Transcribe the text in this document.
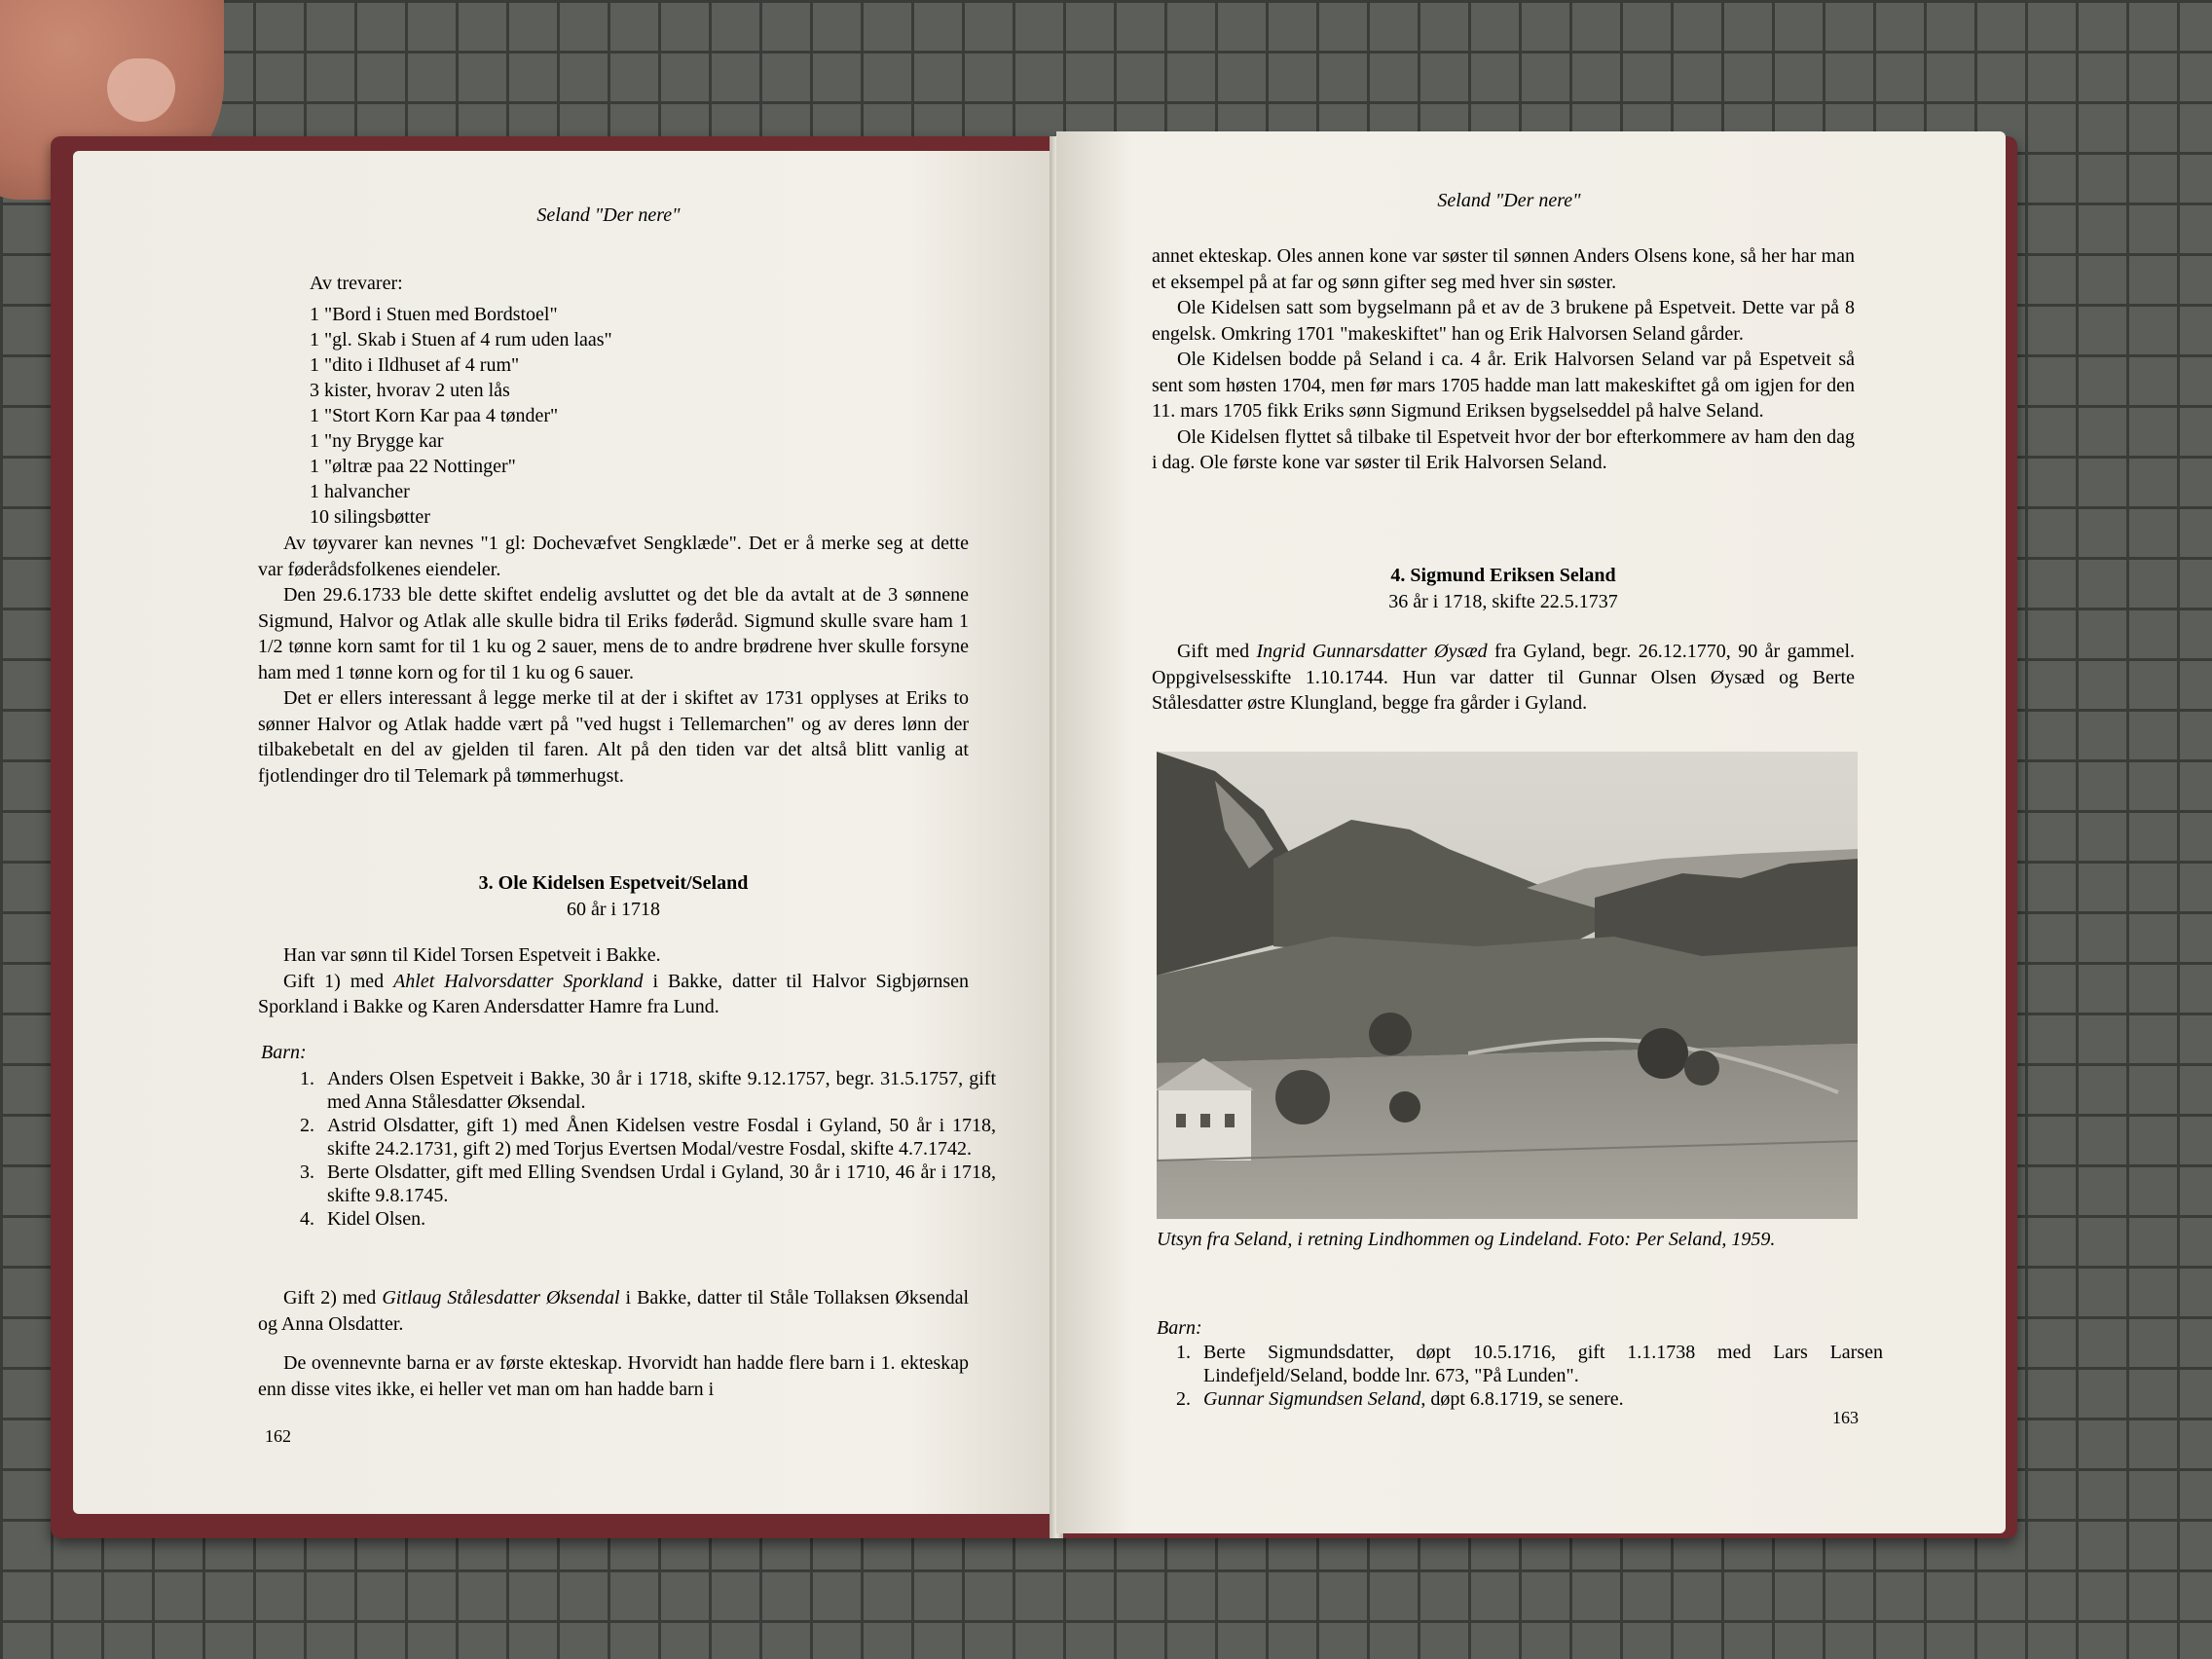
Seland "Der nere"
Av trevarer:
1 "Bord i Stuen med Bordstoel"
1 "gl. Skab i Stuen af 4 rum uden laas"
1 "dito i Ildhuset af 4 rum"
3 kister, hvorav 2 uten lås
1 "Stort Korn Kar paa 4 tønder"
1 "ny Brygge kar
1 "øltræ paa 22 Nottinger"
1 halvancher
10 silingsbøtter

Av tøyvarer kan nevnes "1 gl: Dochevæfvet Sengklæde". Det er å merke seg at dette var føderådsfolkenes eiendeler.

Den 29.6.1733 ble dette skiftet endelig avsluttet og det ble da avtalt at de 3 sønnene Sigmund, Halvor og Atlak alle skulle bidra til Eriks føderåd. Sigmund skulle svare ham 1 1/2 tønne korn samt for til 1 ku og 2 sauer, mens de to andre brødrene hver skulle forsyne ham med 1 tønne korn og for til 1 ku og 6 sauer.

Det er ellers interessant å legge merke til at der i skiftet av 1731 opplyses at Eriks to sønner Halvor og Atlak hadde vært på "ved hugst i Tellemarchen" og av deres lønn der tilbakebetalt en del av gjelden til faren. Alt på den tiden var det altså blitt vanlig at fjotlendinger dro til Telemark på tømmerhugst.

3. Ole Kidelsen Espetveit/Seland
60 år i 1718

Han var sønn til Kidel Torsen Espetveit i Bakke.

Gift 1) med Ahlet Halvorsdatter Sporkland i Bakke, datter til Halvor Sigbjørnsen Sporkland i Bakke og Karen Andersdatter Hamre fra Lund.

Barn:
1. Anders Olsen Espetveit i Bakke, 30 år i 1718, skifte 9.12.1757, begr. 31.5.1757, gift med Anna Stålesdatter Øksendal.
2. Astrid Olsdatter, gift 1) med Ånen Kidelsen vestre Fosdal i Gyland, 50 år i 1718, skifte 24.2.1731, gift 2) med Torjus Evertsen Modal/vestre Fosdal, skifte 4.7.1742.
3. Berte Olsdatter, gift med Elling Svendsen Urdal i Gyland, 30 år i 1710, 46 år i 1718, skifte 9.8.1745.
4. Kidel Olsen.

Gift 2) med Gitlaug Stålesdatter Øksendal i Bakke, datter til Ståle Tollaksen Øksendal og Anna Olsdatter.

De ovennevnte barna er av første ekteskap. Hvorvidt han hadde flere barn i 1. ekteskap enn disse vites ikke, ei heller vet man om han hadde barn i

162
Seland "Der nere"

annet ekteskap. Oles annen kone var søster til sønnen Anders Olsens kone, så her har man et eksempel på at far og sønn gifter seg med hver sin søster.

Ole Kidelsen satt som bygselmann på et av de 3 brukene på Espetveit. Dette var på 8 engelsk. Omkring 1701 "makeskiftet" han og Erik Halvorsen Seland gårder.

Ole Kidelsen bodde på Seland i ca. 4 år. Erik Halvorsen Seland var på Espetveit så sent som høsten 1704, men før mars 1705 hadde man latt makeskiftet gå om igjen for den 11. mars 1705 fikk Eriks sønn Sigmund Eriksen bygselseddel på halve Seland.

Ole Kidelsen flyttet så tilbake til Espetveit hvor der bor efterkommere av ham den dag i dag. Ole første kone var søster til Erik Halvorsen Seland.

4. Sigmund Eriksen Seland
36 år i 1718, skifte 22.5.1737

Gift med Ingrid Gunnarsdatter Øysæd fra Gyland, begr. 26.12.1770, 90 år gammel. Oppgivelsesskifte 1.10.1744. Hun var datter til Gunnar Olsen Øysæd og Berte Stålesdatter østre Klungland, begge fra gårder i Gyland.

Utsyn fra Seland, i retning Lindhommen og Lindeland. Foto: Per Seland, 1959.
Barn:
1. Berte Sigmundsdatter, døpt 10.5.1716, gift 1.1.1738 med Lars Larsen Lindefjeld/Seland, bodde lnr. 673, "På Lunden".
2. Gunnar Sigmundsen Seland, døpt 6.8.1719, se senere.
163
